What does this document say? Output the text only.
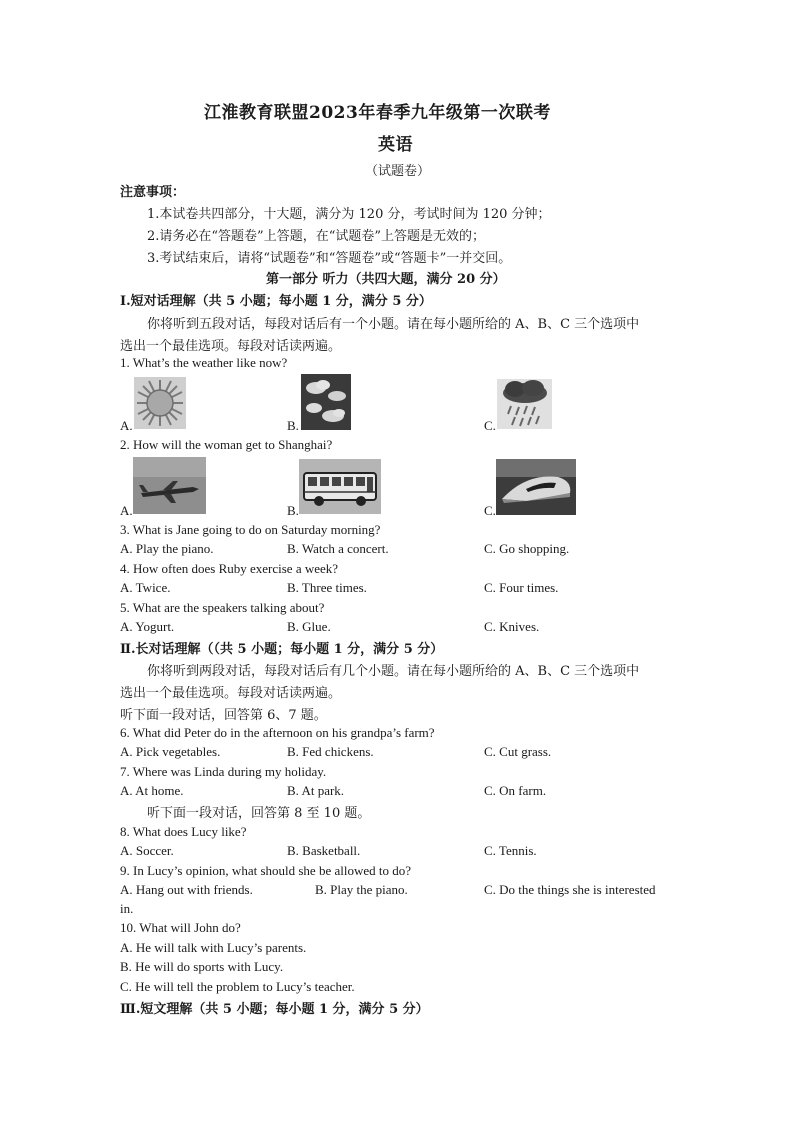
江淮教育联盟2023年春季九年级第一次联考
英语
（试题卷）
注意事项：
1.本试卷共四部分，十大题，满分为 120 分，考试时间为 120 分钟；
2.请务必在“答题卷”上答题，在“试题卷”上答题是无效的；
3.考试结束后，请将“试题卷”和“答题卷”或“答题卡”一并交回。
第一部分 听力（共四大题，满分 20 分）
Ⅰ.短对话理解（共 5 小题；每小题 1 分，满分 5 分）
你将听到五段对话，每段对话后有一个小题。请在每小题所给的 A、B、C 三个选项中
选出一个最佳选项。每段对话读两遍。
1. What’s the weather like now?
A.	B.	C.
2. How will the woman get to Shanghai?
A.	B.	C.
3. What is Jane going to do on Saturday morning?
A. Play the piano.	B. Watch a concert.	C. Go shopping.
4. How often does Ruby exercise a week?
A. Twice.	B. Three times.	C. Four times.
5. What are the speakers talking about?
A. Yogurt.	B. Glue.	C. Knives.
Ⅱ.长对话理解（（共 5 小题；每小题 1 分，满分 5 分）
你将听到两段对话，每段对话后有几个小题。请在每小题所给的 A、B、C 三个选项中
选出一个最佳选项。每段对话读两遍。
听下面一段对话，回答第 6、7 题。
6. What did Peter do in the afternoon on his grandpa’s farm?
A. Pick vegetables.	B. Fed chickens.	C. Cut grass.
7. Where was Linda during my holiday.
A. At home.	B. At park.	C. On farm.
听下面一段对话，回答第 8 至 10 题。
8. What does Lucy like?
A. Soccer.	B. Basketball.	C. Tennis.
9. In Lucy’s opinion, what should she be allowed to do?
A. Hang out with friends.	B. Play the piano.	C. Do the things she is interested
in.
10. What will John do?
A. He will talk with Lucy’s parents.
B. He will do sports with Lucy.
C. He will tell the problem to Lucy’s teacher.
Ⅲ.短文理解（共 5 小题；每小题 1 分，满分 5 分）
